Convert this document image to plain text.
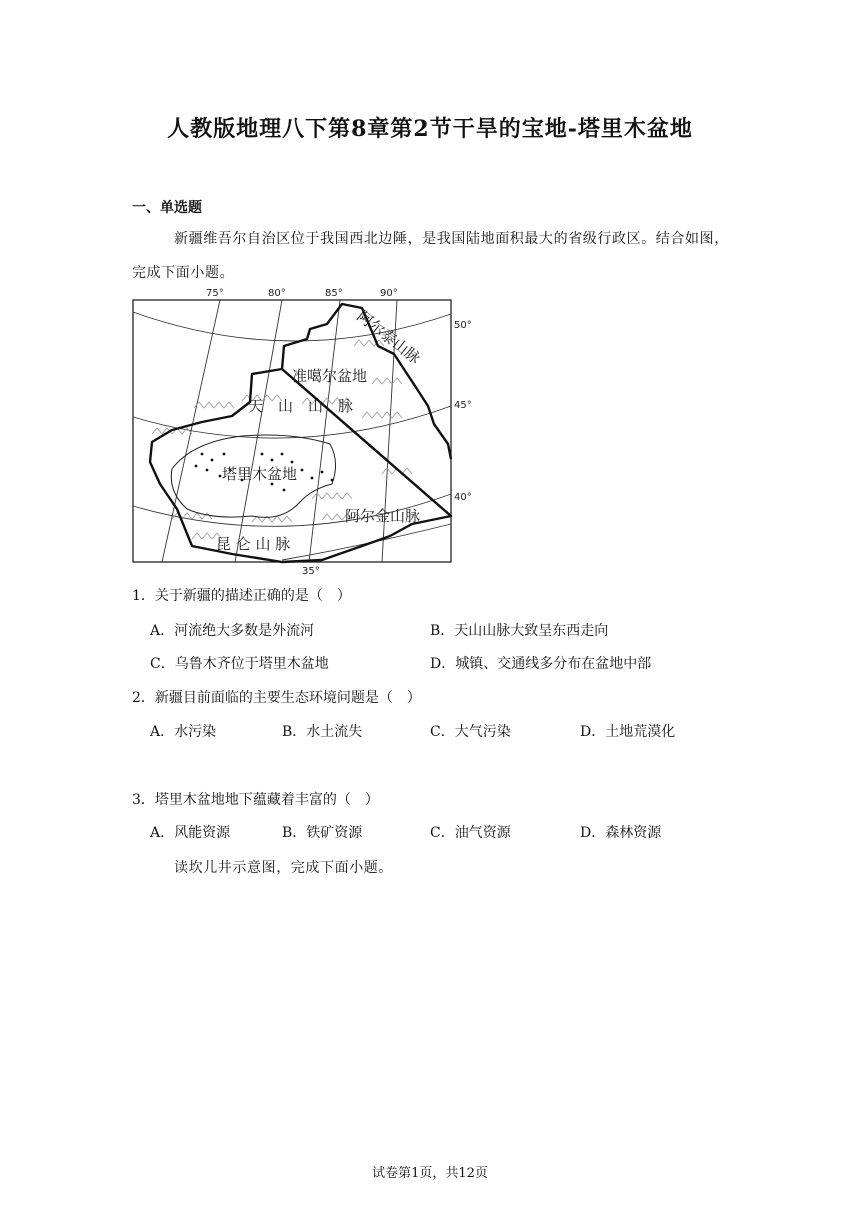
人教版地理八下第8章第2节干旱的宝地-塔里木盆地
一、单选题
新疆维吾尔自治区位于我国西北边陲，是我国陆地面积最大的省级行政区。结合如图，完成下面小题。
75°	80°	85°	90°
50°
45°
40°
35°
阿尔泰山脉
准噶尔盆地
天　山　山　脉
塔里木盆地
阿尔金山脉
昆 仑 山 脉
1．关于新疆的描述正确的是（　）
A．河流绝大多数是外流河	B．天山山脉大致呈东西走向
C．乌鲁木齐位于塔里木盆地	D．城镇、交通线多分布在盆地中部
2．新疆目前面临的主要生态环境问题是（　）
A．水污染	B．水土流失	C．大气污染	D．土地荒漠化
3．塔里木盆地地下蕴藏着丰富的（　）
A．风能资源	B．铁矿资源	C．油气资源	D．森林资源
读坎儿井示意图，完成下面小题。
试卷第1页，共12页
